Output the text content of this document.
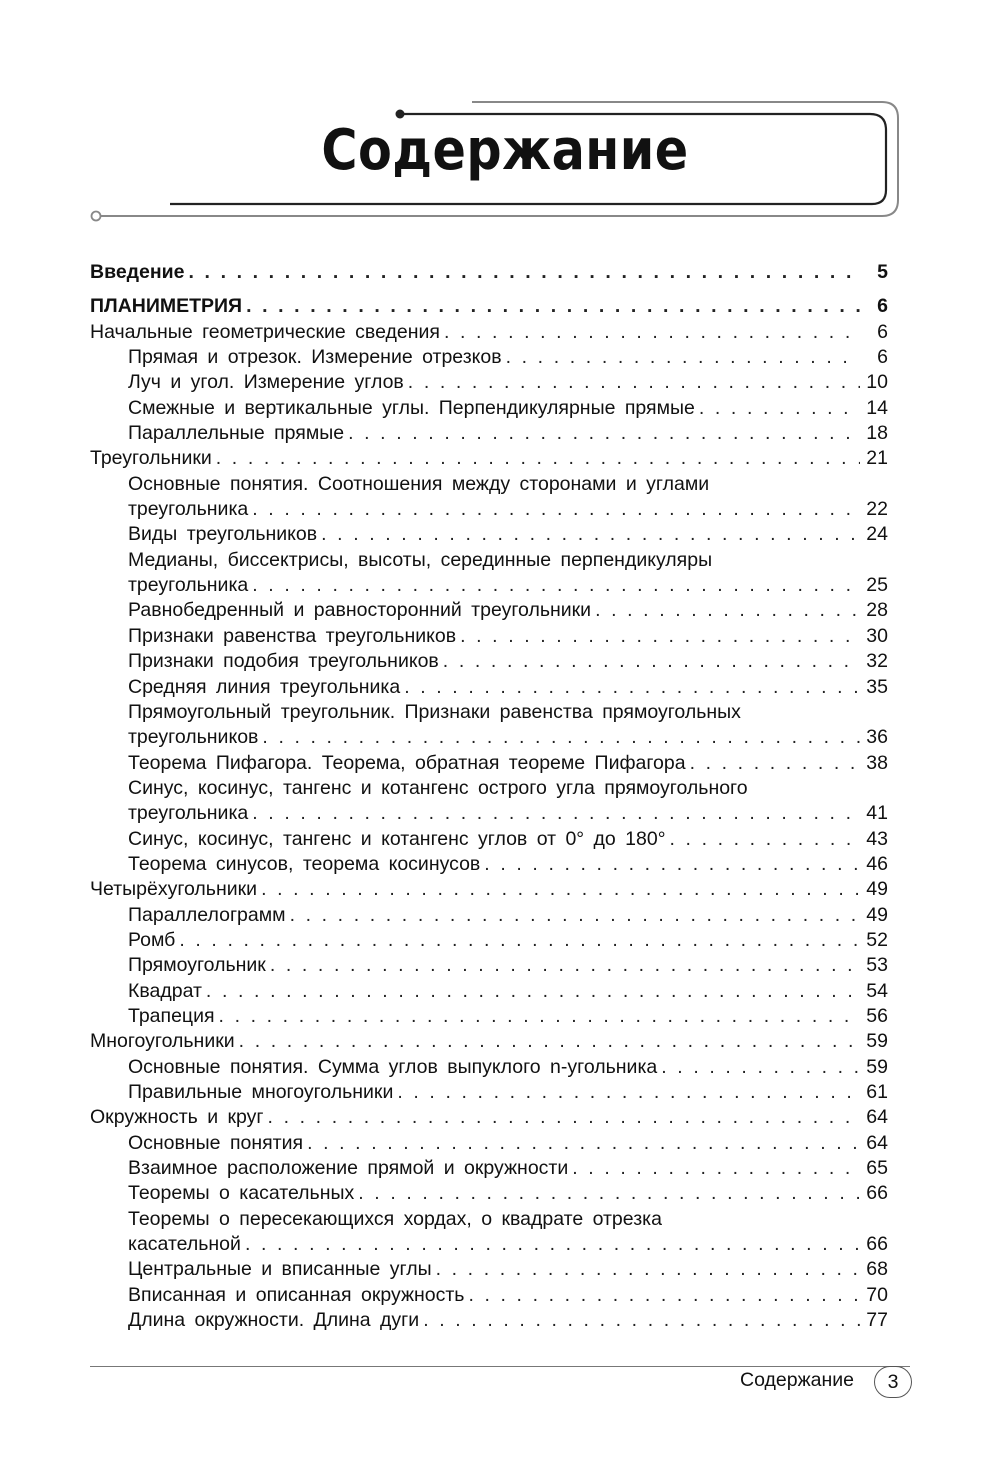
Содержание
Введение . . .	5
ПЛАНИМЕТРИЯ . . .	6
Начальные геометрические сведения . . .	6
Прямая и отрезок. Измерение отрезков . . .	6
Луч и угол. Измерение углов . . .	10
Смежные и вертикальные углы. Перпендикулярные прямые . . .	14
Параллельные прямые . . .	18
Треугольники . . .	21
Основные понятия. Соотношения между сторонами и углами
треугольника . . .	22
Виды треугольников . . .	24
Медианы, биссектрисы, высоты, серединные перпендикуляры
треугольника . . .	25
Равнобедренный и равносторонний треугольники . . .	28
Признаки равенства треугольников . . .	30
Признаки подобия треугольников . . .	32
Средняя линия треугольника . . .	35
Прямоугольный треугольник. Признаки равенства прямоугольных
треугольников . . .	36
Теорема Пифагора. Теорема, обратная теореме Пифагора . . .	38
Синус, косинус, тангенс и котангенс острого угла прямоугольного
треугольника . . .	41
Синус, косинус, тангенс и котангенс углов от 0° до 180° . . .	43
Теорема синусов, теорема косинусов . . .	46
Четырёхугольники . . .	49
Параллелограмм . . .	49
Ромб . . .	52
Прямоугольник . . .	53
Квадрат . . .	54
Трапеция . . .	56
Многоугольники . . .	59
Основные понятия. Сумма углов выпуклого n-угольника . . .	59
Правильные многоугольники . . .	61
Окружность и круг . . .	64
Основные понятия . . .	64
Взаимное расположение прямой и окружности . . .	65
Теоремы о касательных . . .	66
Теоремы о пересекающихся хордах, о квадрате отрезка
касательной . . .	66
Центральные и вписанные углы . . .	68
Вписанная и описанная окружность . . .	70
Длина окружности. Длина дуги . . .	77
Содержание	3
